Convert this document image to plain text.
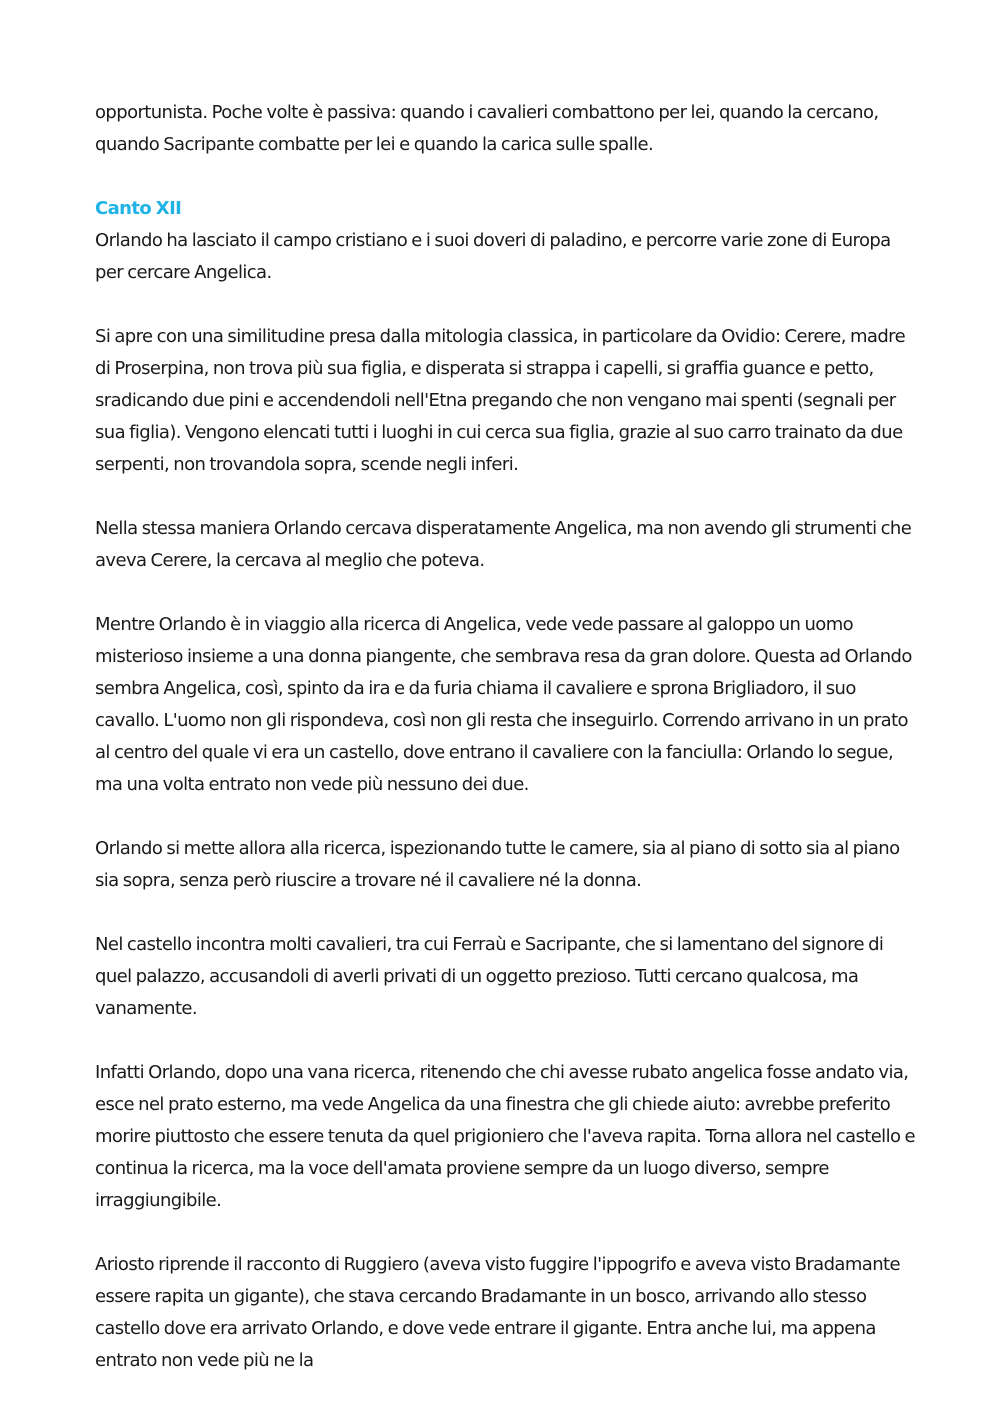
opportunista. Poche volte è passiva: quando i cavalieri combattono per lei, quando la cercano, quando Sacripante combatte per lei e quando la carica sulle spalle.

Canto XII

Orlando ha lasciato il campo cristiano e i suoi doveri di paladino, e percorre varie zone di Europa per cercare Angelica.

Si apre con una similitudine presa dalla mitologia classica, in particolare da Ovidio: Cerere, madre di Proserpina, non trova più sua figlia, e disperata si strappa i capelli, si graffia guance e petto, sradicando due pini e accendendoli nell'Etna pregando che non vengano mai spenti (segnali per sua figlia). Vengono elencati tutti i luoghi in cui cerca sua figlia, grazie al suo carro trainato da due serpenti, non trovandola sopra, scende negli inferi.

Nella stessa maniera Orlando cercava disperatamente Angelica, ma non avendo gli strumenti che aveva Cerere, la cercava al meglio che poteva.

Mentre Orlando è in viaggio alla ricerca di Angelica, vede vede passare al galoppo un uomo misterioso insieme a una donna piangente, che sembrava resa da gran dolore. Questa ad Orlando sembra Angelica, così, spinto da ira e da furia chiama il cavaliere e sprona Brigliadoro, il suo cavallo. L'uomo non gli rispondeva, così non gli resta che inseguirlo. Correndo arrivano in un prato al centro del quale vi era un castello, dove entrano il cavaliere con la fanciulla: Orlando lo segue, ma una volta entrato non vede più nessuno dei due.

Orlando si mette allora alla ricerca, ispezionando tutte le camere, sia al piano di sotto sia al piano sia sopra, senza però riuscire a trovare né il cavaliere né la donna.

Nel castello incontra molti cavalieri, tra cui Ferraù e Sacripante, che si lamentano del signore di quel palazzo, accusandoli di averli privati di un oggetto prezioso. Tutti cercano qualcosa, ma vanamente.

Infatti Orlando, dopo una vana ricerca, ritenendo che chi avesse rubato angelica fosse andato via, esce nel prato esterno, ma vede Angelica da una finestra che gli chiede aiuto: avrebbe preferito morire piuttosto che essere tenuta da quel prigioniero che l'aveva rapita. Torna allora nel castello e continua la ricerca, ma la voce dell'amata proviene sempre da un luogo diverso, sempre irraggiungibile.

Ariosto riprende il racconto di Ruggiero (aveva visto fuggire l'ippogrifo e aveva visto Bradamante essere rapita un gigante), che stava cercando Bradamante in un bosco, arrivando allo stesso castello dove era arrivato Orlando, e dove vede entrare il gigante. Entra anche lui, ma appena entrato non vede più ne la
